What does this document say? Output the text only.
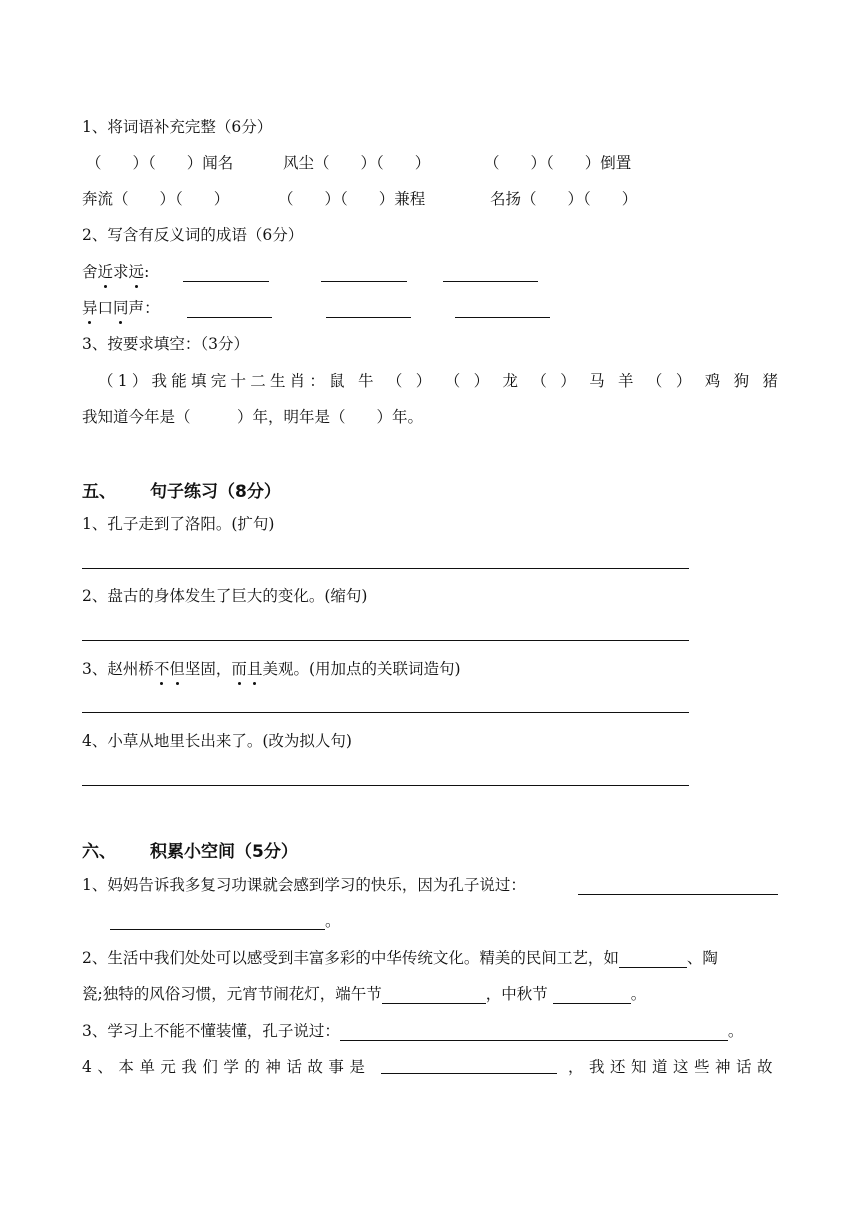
1、将词语补充完整（6分）
（　　）（　　）闻名	风尘（　　）（　　）	（　　）（　　）倒置
奔流（　　）（　　）	（　　）（　　）兼程	名扬（　　）（　　）
2、写含有反义词的成语（6分）
舍近求远:
异口同声：
3、按要求填空：（3分）
（1）我能填完十二生肖：鼠 牛 （ ） （ ） 龙 （ ） 马 羊 （ ） 鸡 狗 猪
我知道今年是（　　　）年，明年是（　　）年。
五、 句子练习（8分）
1、孔子走到了洛阳。(扩句)
2、盘古的身体发生了巨大的变化。(缩句)
3、赵州桥不但坚固，而且美观。(用加点的关联词造句)
4、小草从地里长出来了。(改为拟人句)
六、 积累小空间（5分）
1、妈妈告诉我多复习功课就会感到学习的快乐，因为孔子说过：
。
2、生活中我们处处可以感受到丰富多彩的中华传统文化。精美的民间工艺，如	、陶
瓷;独特的风俗习惯，元宵节闹花灯，端午节	，中秋节	。
3、学习上不能不懂装懂，孔子说过：	。
4、本单元我们学的神话故事是	，我还知道这些神话故
